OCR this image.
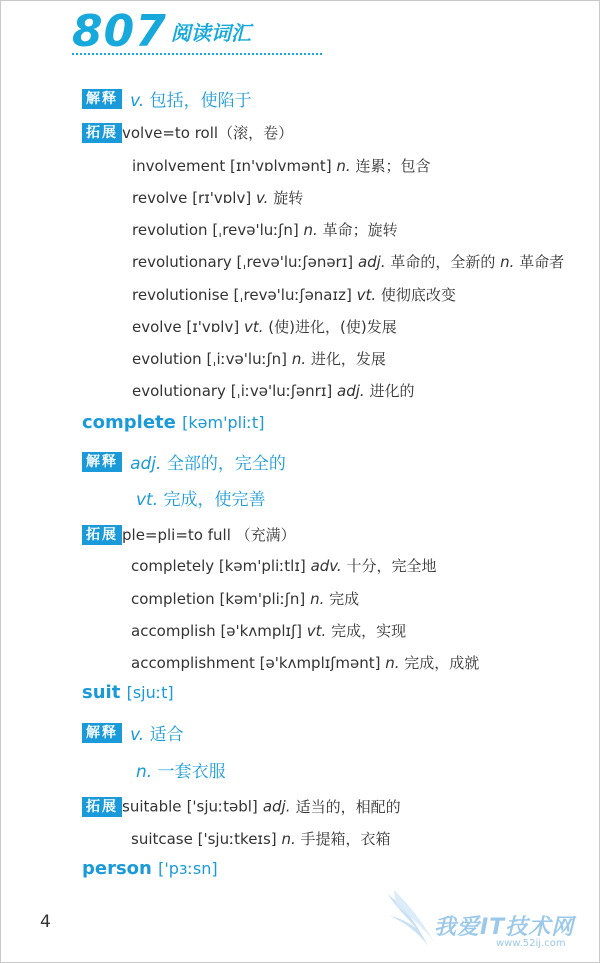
807 阅读词汇
解释 v. 包括，使陷于
拓展 volve=to roll（滚，卷）
involvement [ɪn'vɒlvmənt] n. 连累；包含
revolve [rɪ'vɒlv] v. 旋转
revolution [ˌrevə'luːʃn] n. 革命；旋转
revolutionary [ˌrevə'luːʃənərɪ] adj. 革命的，全新的 n. 革命者
revolutionise [ˌrevə'luːʃənaɪz] vt. 使彻底改变
evolve [ɪ'vɒlv] vt. (使)进化，(使)发展
evolution [ˌiːvə'luːʃn] n. 进化，发展
evolutionary [ˌiːvə'luːʃənrɪ] adj. 进化的
complete [kəm'pliːt]
解释 adj. 全部的，完全的
vt. 完成，使完善
拓展 ple=pli=to full （充满）
completely [kəm'pliːtlɪ] adv. 十分，完全地
completion [kəm'pliːʃn] n. 完成
accomplish [ə'kʌmplɪʃ] vt. 完成，实现
accomplishment [ə'kʌmplɪʃmənt] n. 完成，成就
suit [sjuːt]
解释 v. 适合
n. 一套衣服
拓展 suitable ['sjuːtəbl] adj. 适当的，相配的
suitcase ['sjuːtkeɪs] n. 手提箱，衣箱
person ['pɜːsn]
4	我爱IT技术网
www.52ij.com
